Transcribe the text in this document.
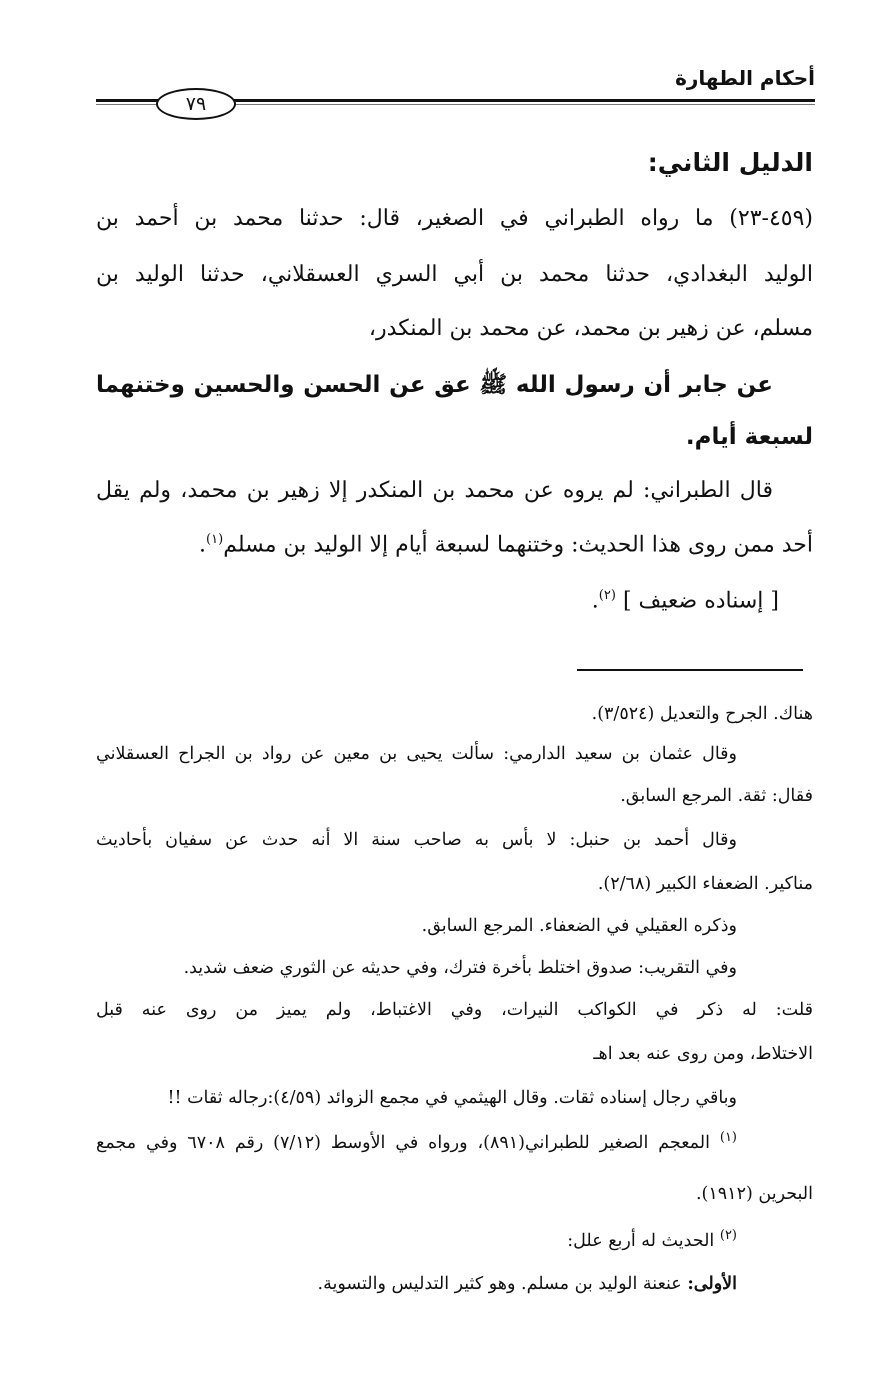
أحكام الطهارة
٧٩
الدليل الثاني:
(٤٥٩-٢٣) ما رواه الطبراني في الصغير، قال: حدثنا محمد بن أحمد بن
الوليد البغدادي، حدثنا محمد بن أبي السري العسقلاني، حدثنا الوليد بن
مسلم، عن زهير بن محمد، عن محمد بن المنكدر،
عن جابر أن رسول الله ﷺ عق عن الحسن والحسين وختنهما
لسبعة أيام.
قال الطبراني: لم يروه عن محمد بن المنكدر إلا زهير بن محمد، ولم يقل
أحد ممن روى هذا الحديث: وختنهما لسبعة أيام إلا الوليد بن مسلم$^{(١)}$.
[ إسناده ضعيف ] $^{(٢)}$.
هناك. الجرح والتعديل (٣/٥٢٤).
وقال عثمان بن سعيد الدارمي: سألت يحيى بن معين عن رواد بن الجراح العسقلاني
فقال: ثقة. المرجع السابق.
وقال أحمد بن حنبل: لا بأس به صاحب سنة الا أنه حدث عن سفيان بأحاديث
مناكير. الضعفاء الكبير (٢/٦٨).
وذكره العقيلي في الضعفاء. المرجع السابق.
وفي التقريب: صدوق اختلط بأخرة فترك، وفي حديثه عن الثوري ضعف شديد.
قلت: له ذكر في الكواكب النيرات، وفي الاغتباط، ولم يميز من روى عنه قبل
الاختلاط، ومن روى عنه بعد اهـ
وباقي رجال إسناده ثقات. وقال الهيثمي في مجمع الزوائد (٤/٥٩):رجاله ثقات !!
$^{(١)}$ المعجم الصغير للطبراني(٨٩١)، ورواه في الأوسط (٧/١٢) رقم ٦٧٠٨ وفي مجمع
البحرين (١٩١٢).
$^{(٢)}$ الحديث له أربع علل:
الأولى: عنعنة الوليد بن مسلم. وهو كثير التدليس والتسوية.
